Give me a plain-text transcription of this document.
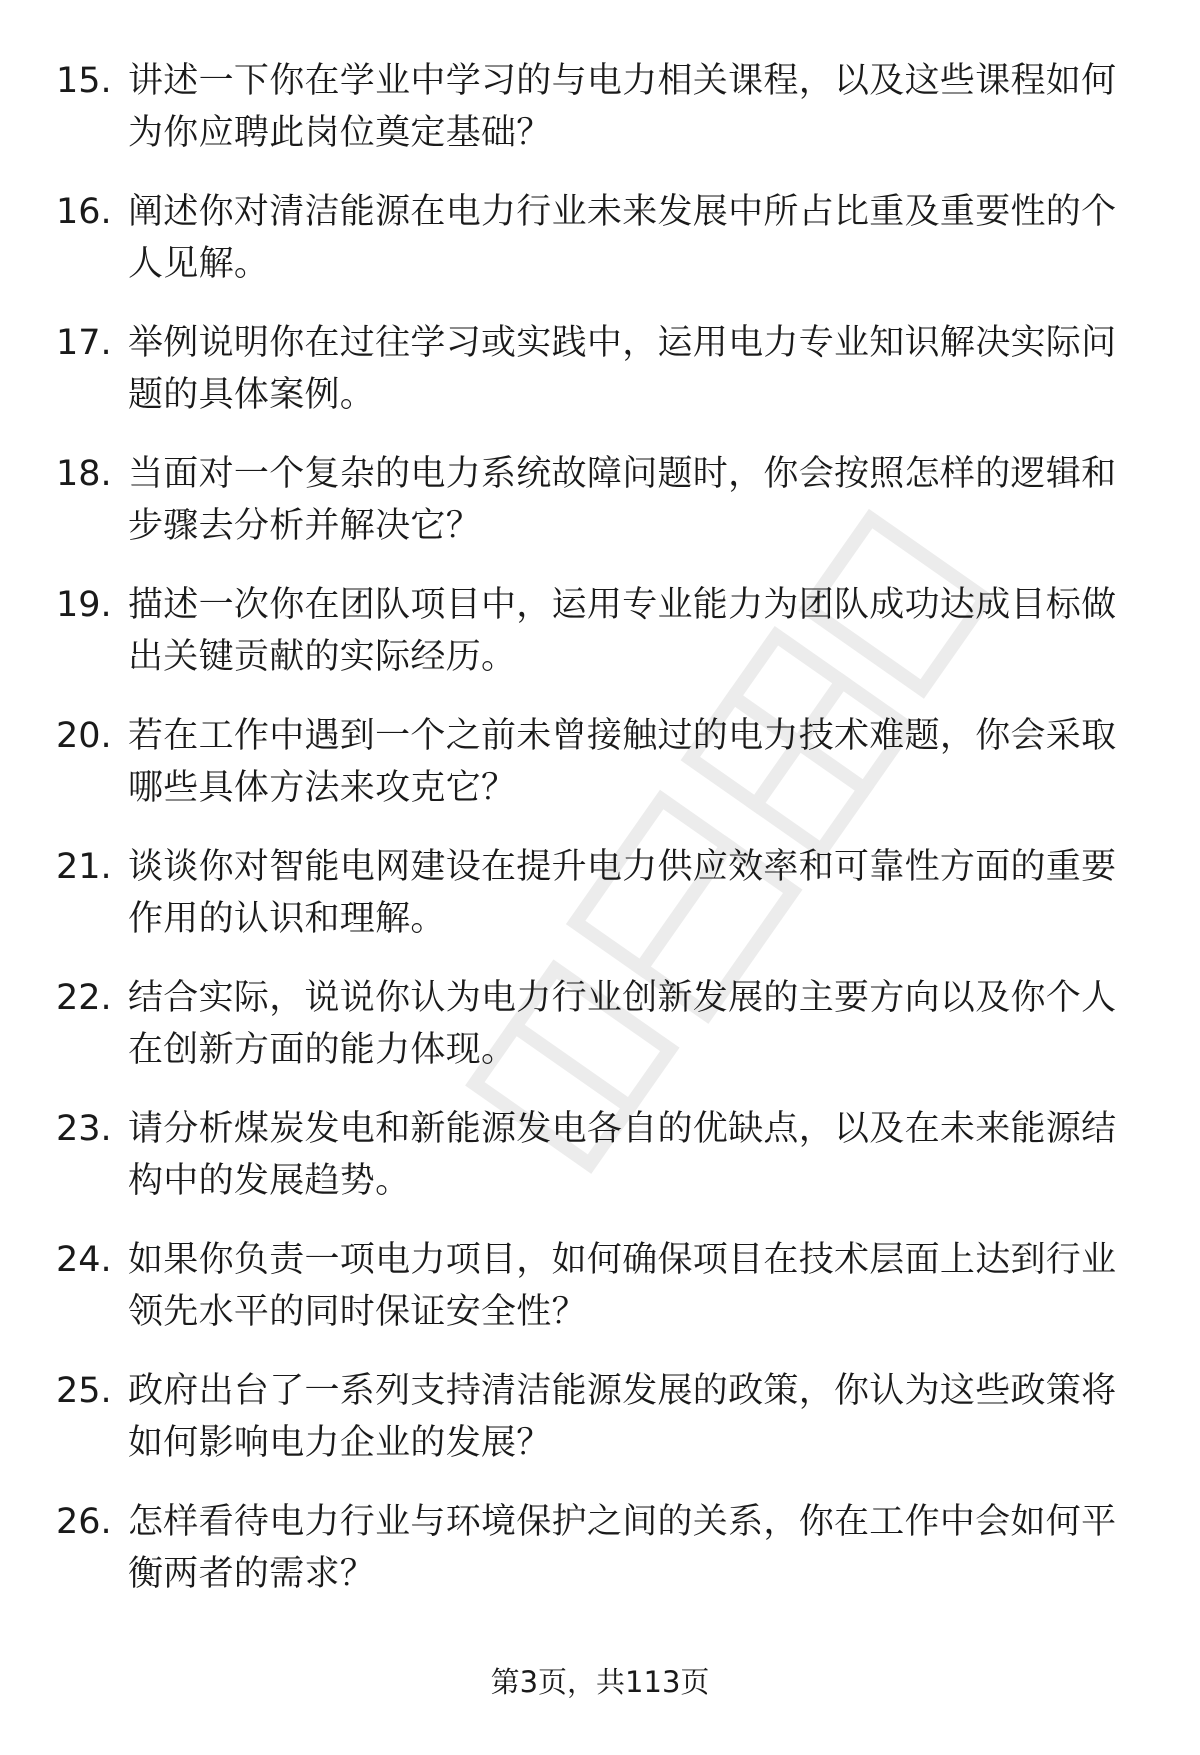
15. 讲述一下你在学业中学习的与电力相关课程，以及这些课程如何为你应聘此岗位奠定基础？
16. 阐述你对清洁能源在电力行业未来发展中所占比重及重要性的个人见解。
17. 举例说明你在过往学习或实践中，运用电力专业知识解决实际问题的具体案例。
18. 当面对一个复杂的电力系统故障问题时，你会按照怎样的逻辑和步骤去分析并解决它？
19. 描述一次你在团队项目中，运用专业能力为团队成功达成目标做出关键贡献的实际经历。
20. 若在工作中遇到一个之前未曾接触过的电力技术难题，你会采取哪些具体方法来攻克它？
21. 谈谈你对智能电网建设在提升电力供应效率和可靠性方面的重要作用的认识和理解。
22. 结合实际，说说你认为电力行业创新发展的主要方向以及你个人在创新方面的能力体现。
23. 请分析煤炭发电和新能源发电各自的优缺点，以及在未来能源结构中的发展趋势。
24. 如果你负责一项电力项目，如何确保项目在技术层面上达到行业领先水平的同时保证安全性？
25. 政府出台了一系列支持清洁能源发展的政策，你认为这些政策将如何影响电力企业的发展？
26. 怎样看待电力行业与环境保护之间的关系，你在工作中会如何平衡两者的需求？
第3页，共113页
